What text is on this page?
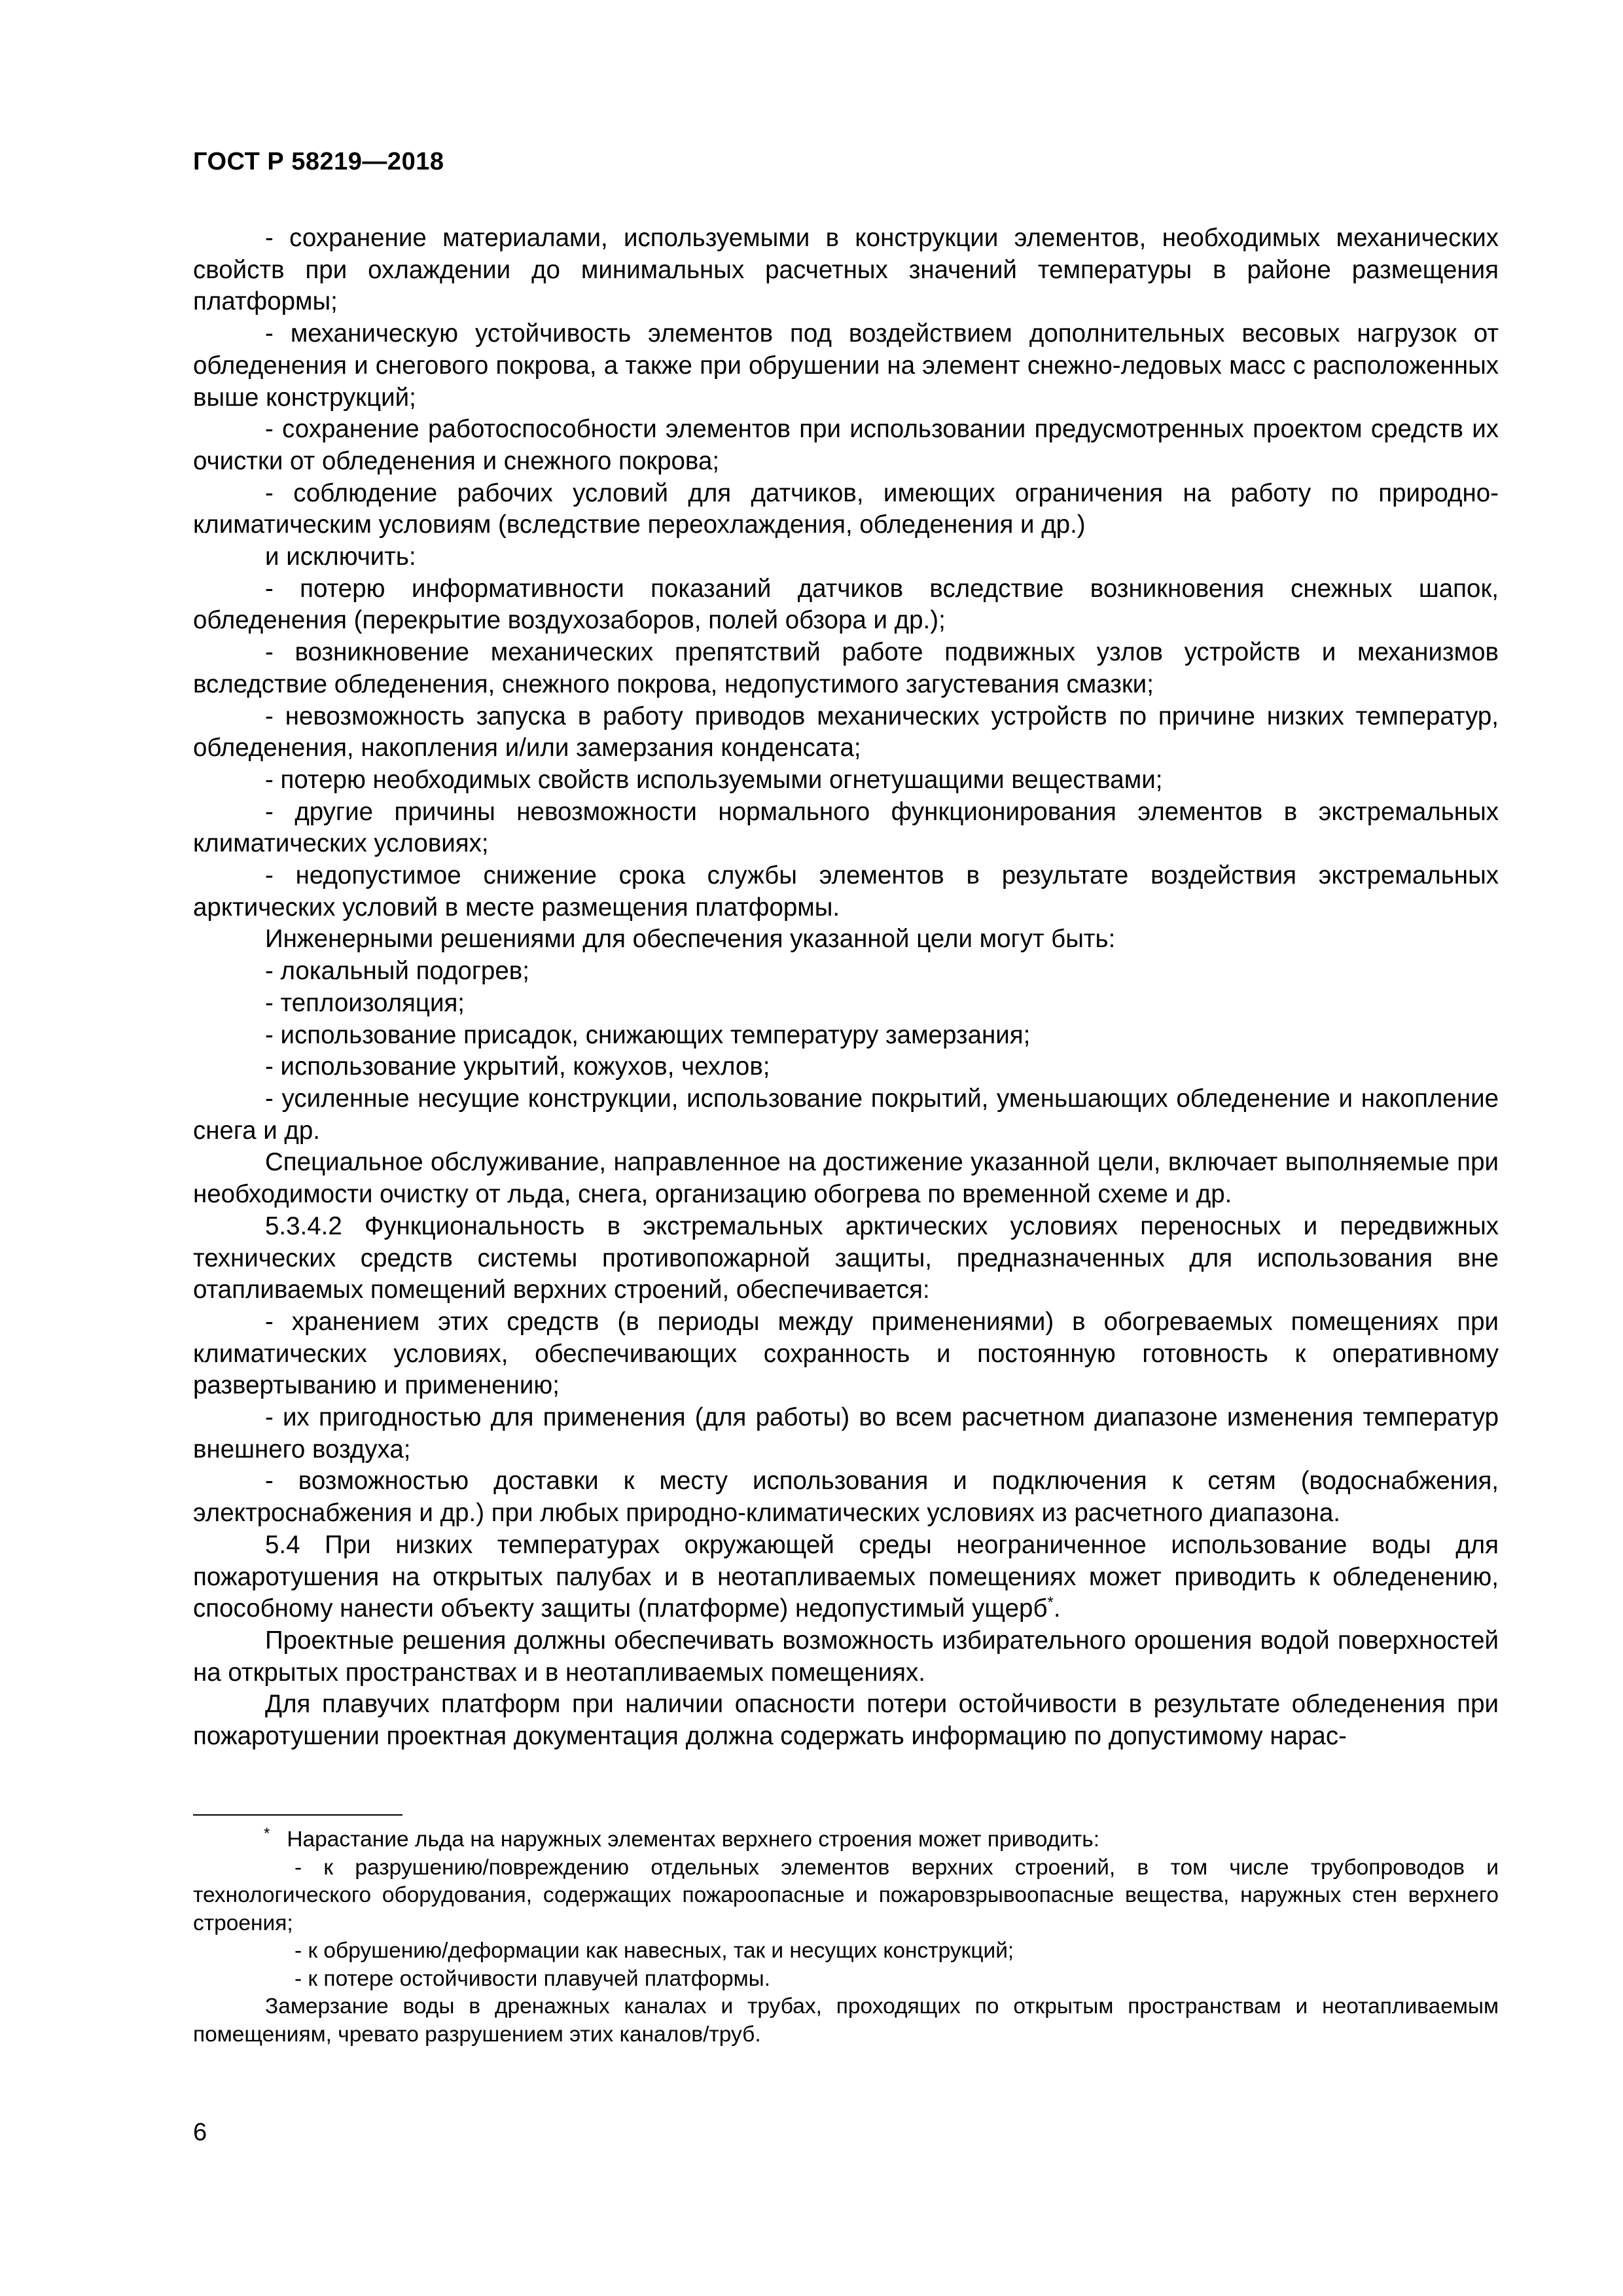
ГОСТ Р 58219—2018

- сохранение материалами, используемыми в конструкции элементов, необходимых механических свойств при охлаждении до минимальных расчетных значений температуры в районе размещения платформы;

- механическую устойчивость элементов под воздействием дополнительных весовых нагрузок от обледенения и снегового покрова, а также при обрушении на элемент снежно-ледовых масс с расположенных выше конструкций;

- сохранение работоспособности элементов при использовании предусмотренных проектом средств их очистки от обледенения и снежного покрова;

- соблюдение рабочих условий для датчиков, имеющих ограничения на работу по природно-климатическим условиям (вследствие переохлаждения, обледенения и др.)

и исключить:

- потерю информативности показаний датчиков вследствие возникновения снежных шапок, обледенения (перекрытие воздухозаборов, полей обзора и др.);

- возникновение механических препятствий работе подвижных узлов устройств и механизмов вследствие обледенения, снежного покрова, недопустимого загустевания смазки;

- невозможность запуска в работу приводов механических устройств по причине низких температур, обледенения, накопления и/или замерзания конденсата;

- потерю необходимых свойств используемыми огнетушащими веществами;

- другие причины невозможности нормального функционирования элементов в экстремальных климатических условиях;

- недопустимое снижение срока службы элементов в результате воздействия экстремальных арктических условий в месте размещения платформы.

Инженерными решениями для обеспечения указанной цели могут быть:

- локальный подогрев;

- теплоизоляция;

- использование присадок, снижающих температуру замерзания;

- использование укрытий, кожухов, чехлов;

- усиленные несущие конструкции, использование покрытий, уменьшающих обледенение и накопление снега и др.

Специальное обслуживание, направленное на достижение указанной цели, включает выполняемые при необходимости очистку от льда, снега, организацию обогрева по временной схеме и др.

5.3.4.2 Функциональность в экстремальных арктических условиях переносных и передвижных технических средств системы противопожарной защиты, предназначенных для использования вне отапливаемых помещений верхних строений, обеспечивается:

- хранением этих средств (в периоды между применениями) в обогреваемых помещениях при климатических условиях, обеспечивающих сохранность и постоянную готовность к оперативному развертыванию и применению;

- их пригодностью для применения (для работы) во всем расчетном диапазоне изменения температур внешнего воздуха;

- возможностью доставки к месту использования и подключения к сетям (водоснабжения, электроснабжения и др.) при любых природно-климатических условиях из расчетного диапазона.

5.4 При низких температурах окружающей среды неограниченное использование воды для пожаротушения на открытых палубах и в неотапливаемых помещениях может приводить к обледенению, способному нанести объекту защиты (платформе) недопустимый ущерб*.

Проектные решения должны обеспечивать возможность избирательного орошения водой поверхностей на открытых пространствах и в неотапливаемых помещениях.

Для плавучих платформ при наличии опасности потери остойчивости в результате обледенения при пожаротушении проектная документация должна содержать информацию по допустимому нарас-

* Нарастание льда на наружных элементах верхнего строения может приводить:

- к разрушению/повреждению отдельных элементов верхних строений, в том числе трубопроводов и технологического оборудования, содержащих пожароопасные и пожаровзрывоопасные вещества, наружных стен верхнего строения;

- к обрушению/деформации как навесных, так и несущих конструкций;

- к потере остойчивости плавучей платформы.

Замерзание воды в дренажных каналах и трубах, проходящих по открытым пространствам и неотапливаемым помещениям, чревато разрушением этих каналов/труб.

6
